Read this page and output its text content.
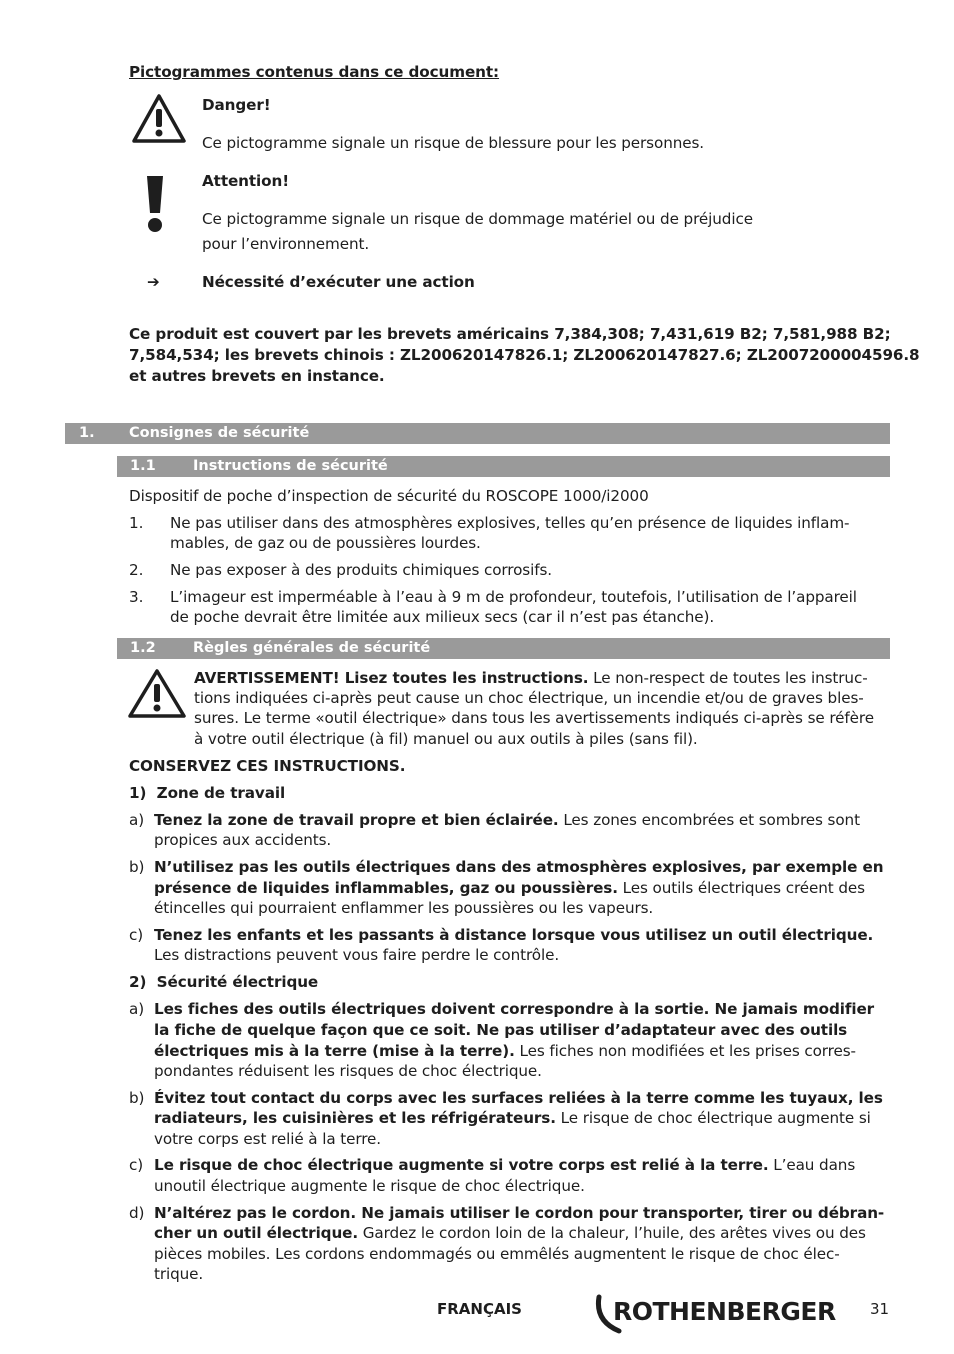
Pictogrammes contenus dans ce document:
Danger!
Ce pictogramme signale un risque de blessure pour les personnes.
Attention!
Ce pictogramme signale un risque de dommage matériel ou de préjudice
pour l’environnement.
➔	Nécessité d’exécuter une action
Ce produit est couvert par les brevets américains 7,384,308; 7,431,619 B2; 7,581,988 B2;
7,584,534; les brevets chinois : ZL200620147826.1; ZL200620147827.6; ZL2007200004596.8
et autres brevets en instance.
1. Consignes de sécurité
1.1	Instructions de sécurité
Dispositif de poche d’inspection de sécurité du ROSCOPE 1000/i2000
1. Ne pas utiliser dans des atmosphères explosives, telles qu’en présence de liquides inflam-
mables, de gaz ou de poussières lourdes.
2. Ne pas exposer à des produits chimiques corrosifs.
3. L’imageur est imperméable à l’eau à 9 m de profondeur, toutefois, l’utilisation de l’appareil
de poche devrait être limitée aux milieux secs (car il n’est pas étanche).
1.2	Règles générales de sécurité
AVERTISSEMENT! Lisez toutes les instructions. Le non-respect de toutes les instruc-
tions indiquées ci-après peut cause un choc électrique, un incendie et/ou de graves bles-
sures. Le terme «outil électrique» dans tous les avertissements indiqués ci-après se réfère
à votre outil électrique (à fil) manuel ou aux outils à piles (sans fil).
CONSERVEZ CES INSTRUCTIONS.
1)  Zone de travail
a) Tenez la zone de travail propre et bien éclairée. Les zones encombrées et sombres sont
propices aux accidents.
b) N’utilisez pas les outils électriques dans des atmosphères explosives, par exemple en
présence de liquides inflammables, gaz ou poussières. Les outils électriques créent des
étincelles qui pourraient enflammer les poussières ou les vapeurs.
c) Tenez les enfants et les passants à distance lorsque vous utilisez un outil électrique.
Les distractions peuvent vous faire perdre le contrôle.
2)  Sécurité électrique
a) Les fiches des outils électriques doivent correspondre à la sortie. Ne jamais modifier
la fiche de quelque façon que ce soit. Ne pas utiliser d’adaptateur avec des outils
électriques mis à la terre (mise à la terre). Les fiches non modifiées et les prises corres-
pondantes réduisent les risques de choc électrique.
b) Évitez tout contact du corps avec les surfaces reliées à la terre comme les tuyaux, les
radiateurs, les cuisinières et les réfrigérateurs. Le risque de choc électrique augmente si
votre corps est relié à la terre.
c) Le risque de choc électrique augmente si votre corps est relié à la terre. L’eau dans
unoutil électrique augmente le risque de choc électrique.
d) N’altérez pas le cordon. Ne jamais utiliser le cordon pour transporter, tirer ou débran-
cher un outil électrique. Gardez le cordon loin de la chaleur, l’huile, des arêtes vives ou des
pièces mobiles. Les cordons endommagés ou emmêlés augmentent le risque de choc élec-
trique.
FRANÇAIS	ROTHENBERGER 31
